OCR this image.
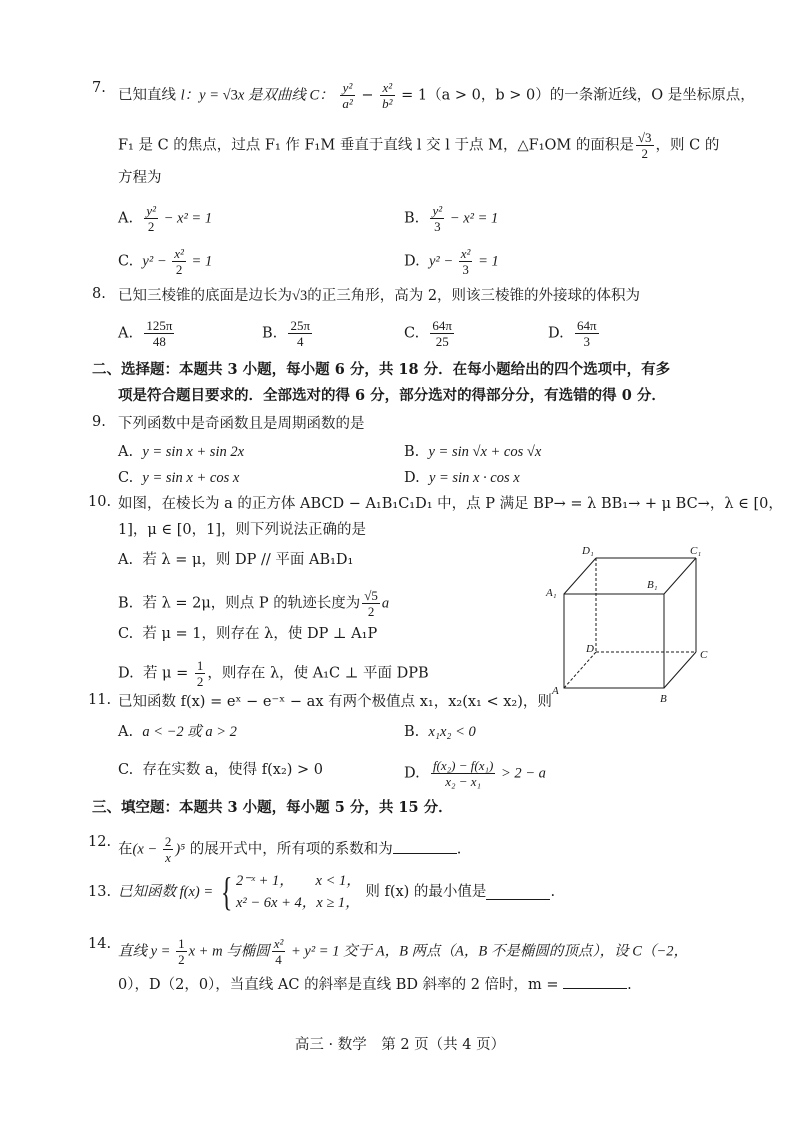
7. 已知直线 l：y = √3x 是双曲线 C： $\frac{\text{y²}}{\text{a²}} - \frac{\text{x²}}{\text{b²}} = 1(a > 0$，b > 0）的一条渐近线，O 是坐标原点，
F₁ 是 C 的焦点，过点 F₁ 作 F₁M 垂直于直线 l 交 l 于点 M，△F₁OM 的面积是 $\frac{√3}{2}$ ，则 C 的
方程为
A. $\frac{\text{y²}}{2} - x^2 = 1$	B. $\frac{\text{y²}}{3} - x^2 = 1$
C. $y^2 - \frac{\text{x²}}{2} = 1$	D. $y^2 - \frac{\text{x²}}{3} = 1$
8. 已知三棱锥的底面是边长为√3的正三角形，高为 2，则该三棱锥的外接球的体积为
A. $\frac{125\pi}{48}$	B. $\frac{25\pi}{4}$	C. $\frac{64\pi}{25}$	D. $\frac{64\pi}{3}$
二、选择题：本题共 3 小题，每小题 6 分，共 18 分．在每小题给出的四个选项中，有多
项是符合题目要求的．全部选对的得 6 分，部分选对的得部分分，有选错的得 0 分．
9. 下列函数中是奇函数且是周期函数的是
A. y = sin x + sin 2x	B. y = sin √x + cos √x
C. y = sin x + cos x	D. y = sin x · cos x
10. 如图，在棱长为 a 的正方体 ABCD − A₁B₁C₁D₁ 中，点 P 满足 BP→ = λ BB₁→ + μ BC→，λ ∈ [0，
1]，μ ∈ [0，1]，则下列说法正确的是
A. 若 λ = μ，则 DP // 平面 AB₁D₁
B. 若 λ = 2μ，则点 P 的轨迹长度为 $\frac{√5}{2}$ a
C. 若 μ = 1，则存在 λ，使 DP ⊥ A₁P
D. 若 $\mu = \frac{1}{2}$ ，则存在 λ，使 A₁C ⊥ 平面 DPB
D₁	C₁
B₁
A₁
D	C
A
B
11. 已知函数 f(x) = eˣ − e⁻ˣ − ax 有两个极值点 x₁，x₂(x₁ < x₂)，则
A. a < −2 或 a > 2	B. x₁x₂ < 0
C. 存在实数 a，使得 f(x₂) > 0	D. $\frac{\text{f(x₂) − f(x₁)}}{\text{x₂ − x₁}} > 2 - a$
三、填空题：本题共 3 小题，每小题 5 分，共 15 分．
12. 在$(x - \frac{2}{x} )^5$ 的展开式中，所有项的系数和为	.
13. 已知函数 f(x) = { 2⁻ˣ + 1，　　x < 1，
x² − 6x + 4，x ≥ 1，
则 f(x) 的最小值是	.
14. 直线 $y = \frac{1}{2}$ x + m 与椭圆 $\frac{\text{x²}}{4} + y^2 = 1$ 交于 A，B 两点（A，B 不是椭圆的顶点），设 C（−2，
0），D（2，0），当直线 AC 的斜率是直线 BD 斜率的 2 倍时，m =	.
高三 · 数学　第 2 页（共 4 页）
